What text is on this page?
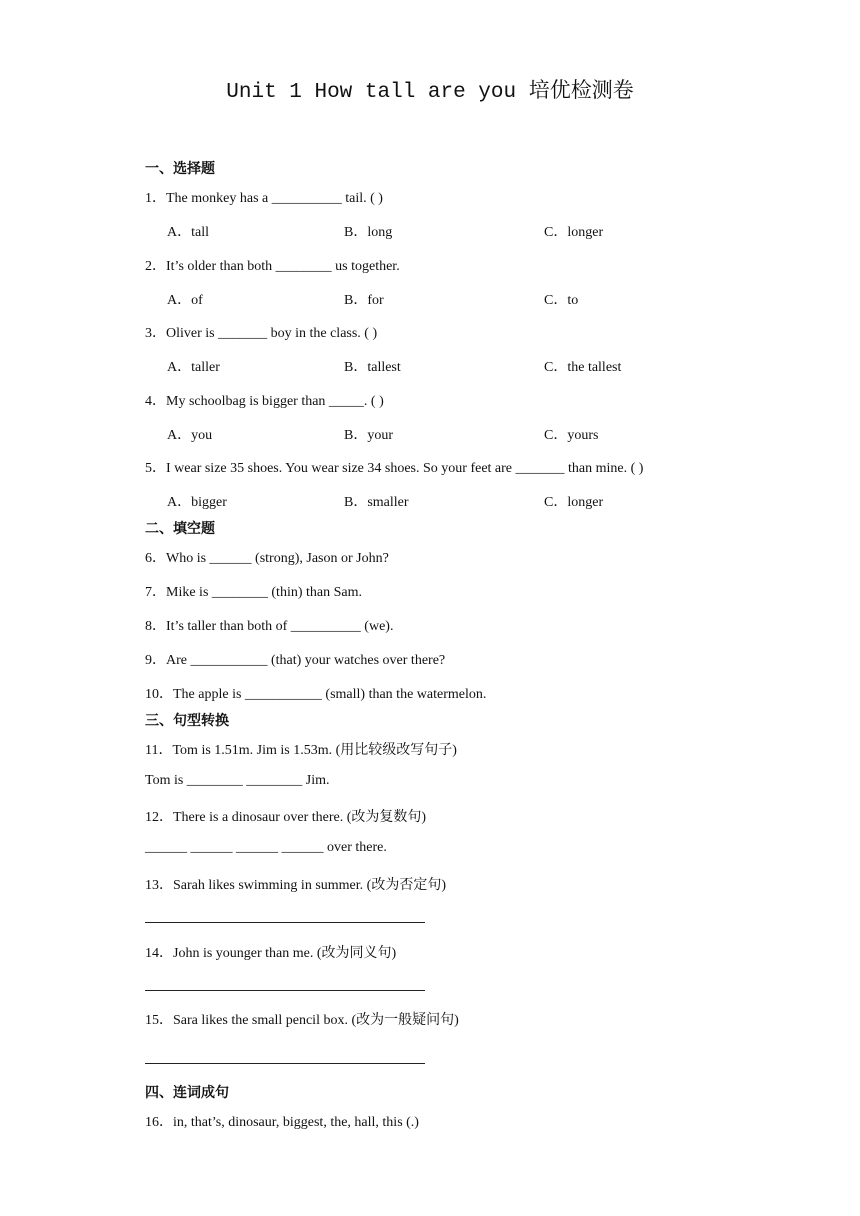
Unit 1 How tall are you 培优检测卷
一、选择题
1．The monkey has a __________ tail. ( )
A．tall	B．long	C．longer
2．It’s older than both ________ us together.
A．of	B．for	C．to
3．Oliver is _______ boy in the class. ( )
A．taller	B．tallest	C．the tallest
4．My schoolbag is bigger than _____. ( )
A．you	B．your	C．yours
5．I wear size 35 shoes. You wear size 34 shoes. So your feet are _______ than mine. ( )
A．bigger	B．smaller	C．longer
二、填空题
6．Who is ______ (strong), Jason or John?
7．Mike is ________ (thin) than Sam.
8．It’s taller than both of __________ (we).
9．Are ___________ (that) your watches over there?
10．The apple is ___________ (small) than the watermelon.
三、句型转换
11．Tom is 1.51m. Jim is 1.53m. (用比较级改写句子)
Tom is ________ ________ Jim.
12．There is a dinosaur over there. (改为复数句)
______ ______ ______ ______ over there.
13．Sarah likes swimming in summer. (改为否定句)
14．John is younger than me. (改为同义句)
15．Sara likes the small pencil box. (改为一般疑问句)
四、连词成句
16．in, that’s, dinosaur, biggest, the, hall, this (.)
